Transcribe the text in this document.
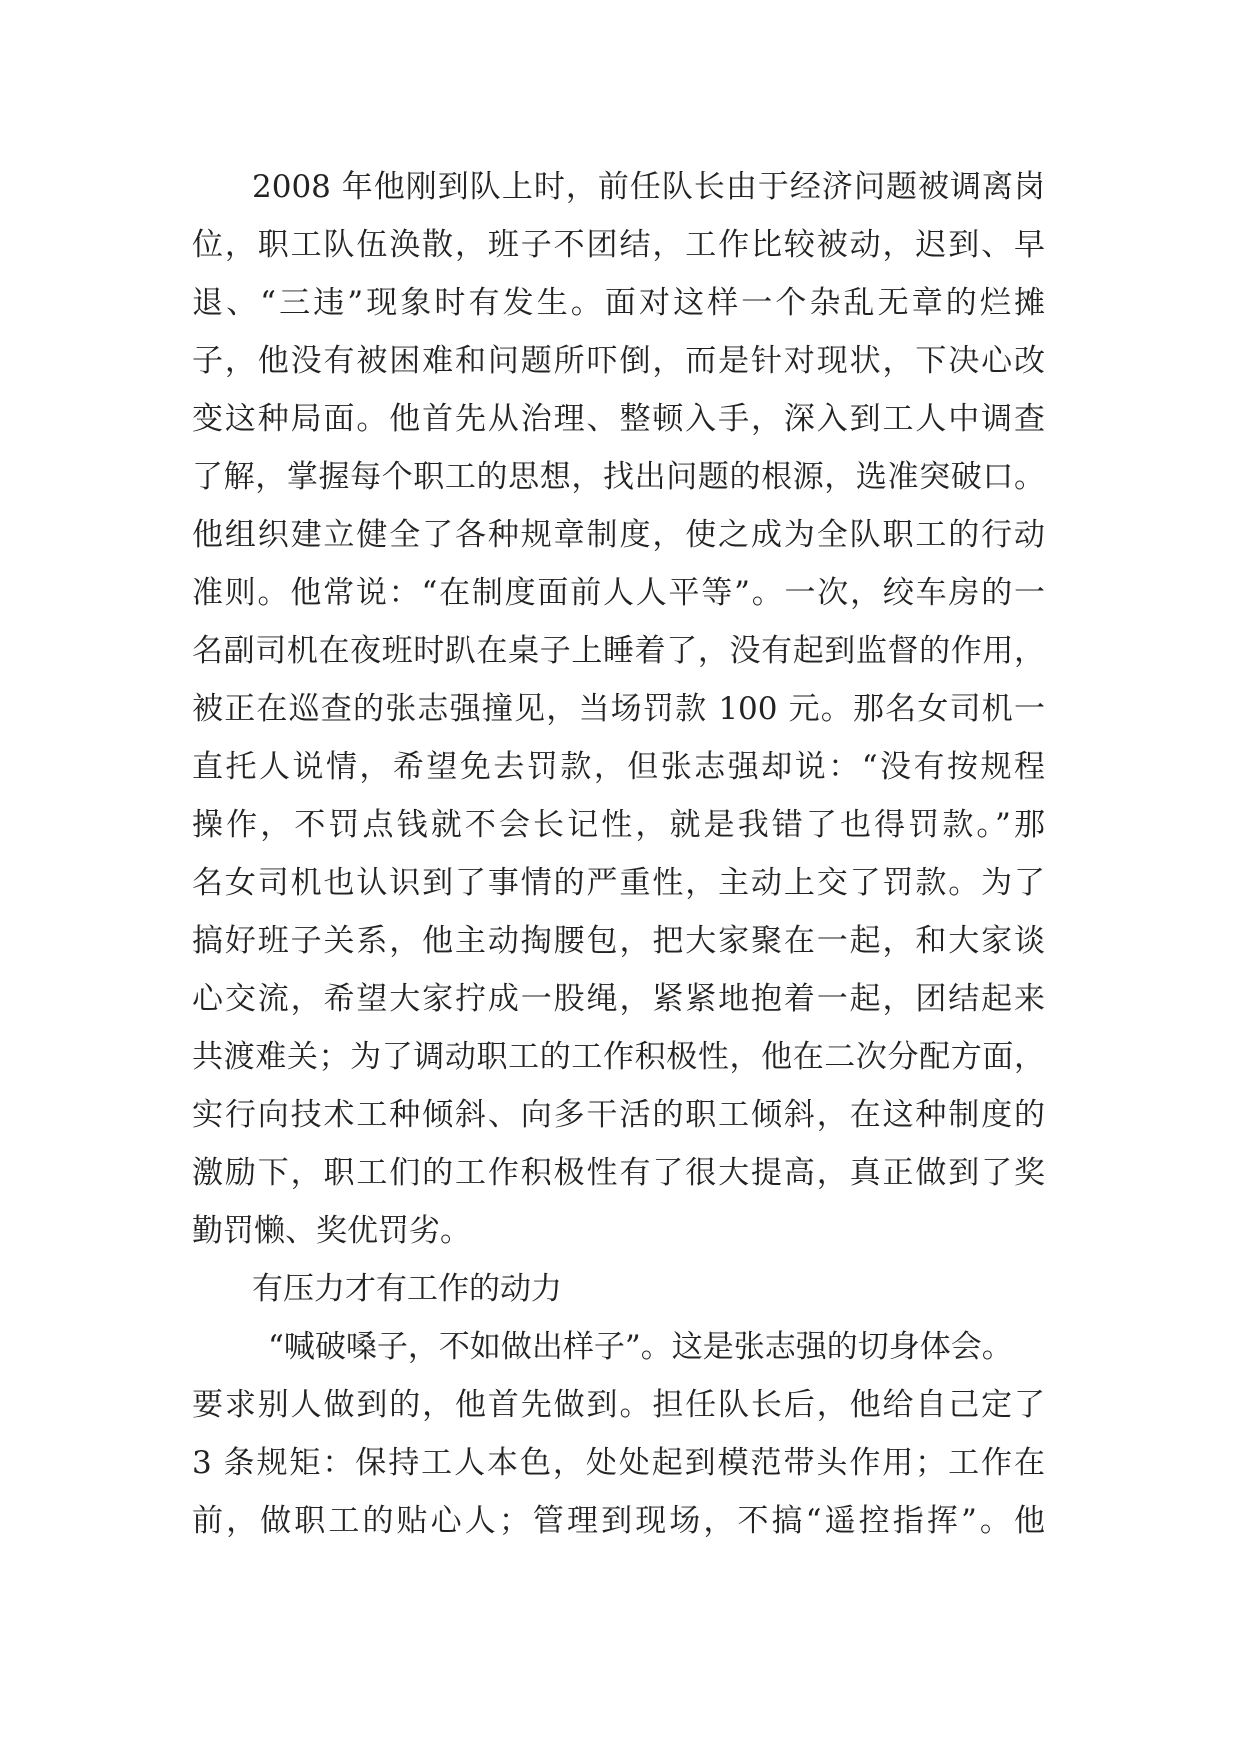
2008 年他刚到队上时，前任队长由于经济问题被调离岗

位，职工队伍涣散，班子不团结，工作比较被动，迟到、早

退、“三违”现象时有发生。面对这样一个杂乱无章的烂摊

子，他没有被困难和问题所吓倒，而是针对现状，下决心改

变这种局面。他首先从治理、整顿入手，深入到工人中调查

了解，掌握每个职工的思想，找出问题的根源，选准突破口。

他组织建立健全了各种规章制度，使之成为全队职工的行动

准则。他常说：“在制度面前人人平等”。一次，绞车房的一

名副司机在夜班时趴在桌子上睡着了，没有起到监督的作用，

被正在巡查的张志强撞见，当场罚款 100 元。那名女司机一

直托人说情，希望免去罚款，但张志强却说：“没有按规程

操作，不罚点钱就不会长记性，就是我错了也得罚款。”那

名女司机也认识到了事情的严重性，主动上交了罚款。为了

搞好班子关系，他主动掏腰包，把大家聚在一起，和大家谈

心交流，希望大家拧成一股绳，紧紧地抱着一起，团结起来

共渡难关；为了调动职工的工作积极性，他在二次分配方面，

实行向技术工种倾斜、向多干活的职工倾斜，在这种制度的

激励下，职工们的工作积极性有了很大提高，真正做到了奖

勤罚懒、奖优罚劣。

有压力才有工作的动力

“喊破嗓子，不如做出样子”。这是张志强的切身体会。

要求别人做到的，他首先做到。担任队长后，他给自己定了

3 条规矩：保持工人本色，处处起到模范带头作用；工作在

前，做职工的贴心人；管理到现场，不搞“遥控指挥”。他
